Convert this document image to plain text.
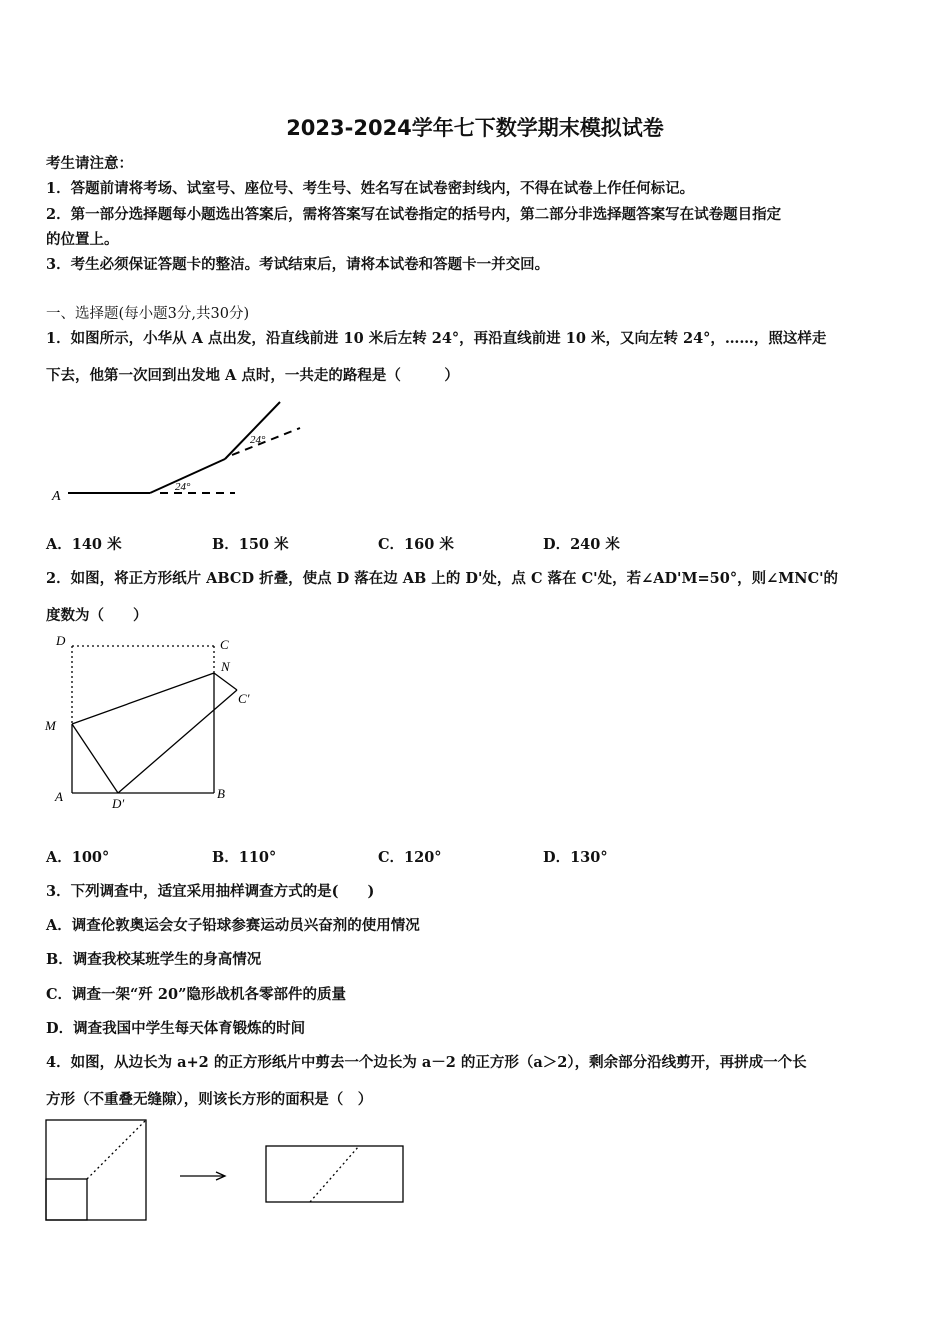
2023-2024学年七下数学期末模拟试卷
考生请注意：
1．答题前请将考场、试室号、座位号、考生号、姓名写在试卷密封线内，不得在试卷上作任何标记。
2．第一部分选择题每小题选出答案后，需将答案写在试卷指定的括号内，第二部分非选择题答案写在试卷题目指定
的位置上。
3．考生必须保证答题卡的整洁。考试结束后，请将本试卷和答题卡一并交回。
一、选择题(每小题3分,共30分)
1．如图所示，小华从 A 点出发，沿直线前进 10 米后左转 24°，再沿直线前进 10 米，又向左转 24°，……，照这样走
下去，他第一次回到出发地 A 点时，一共走的路程是（　　　）
A
24°
24°
A．140 米	B．150 米	C．160 米	D．240 米
2．如图，将正方形纸片 ABCD 折叠，使点 D 落在边 AB 上的 D'处，点 C 落在 C'处，若∠AD'M=50°，则∠MNC'的
度数为（　　）
D	C
N
C′
M
A	D′
B
A．100°	B．110°	C．120°	D．130°
3．下列调查中，适宜采用抽样调查方式的是(　　)
A．调查伦敦奥运会女子铅球参赛运动员兴奋剂的使用情况
B．调查我校某班学生的身高情况
C．调查一架“歼 20”隐形战机各零部件的质量
D．调查我国中学生每天体育锻炼的时间
4．如图，从边长为 a+2 的正方形纸片中剪去一个边长为 a－2 的正方形（a＞2），剩余部分沿线剪开，再拼成一个长
方形（不重叠无缝隙），则该长方形的面积是（　）
